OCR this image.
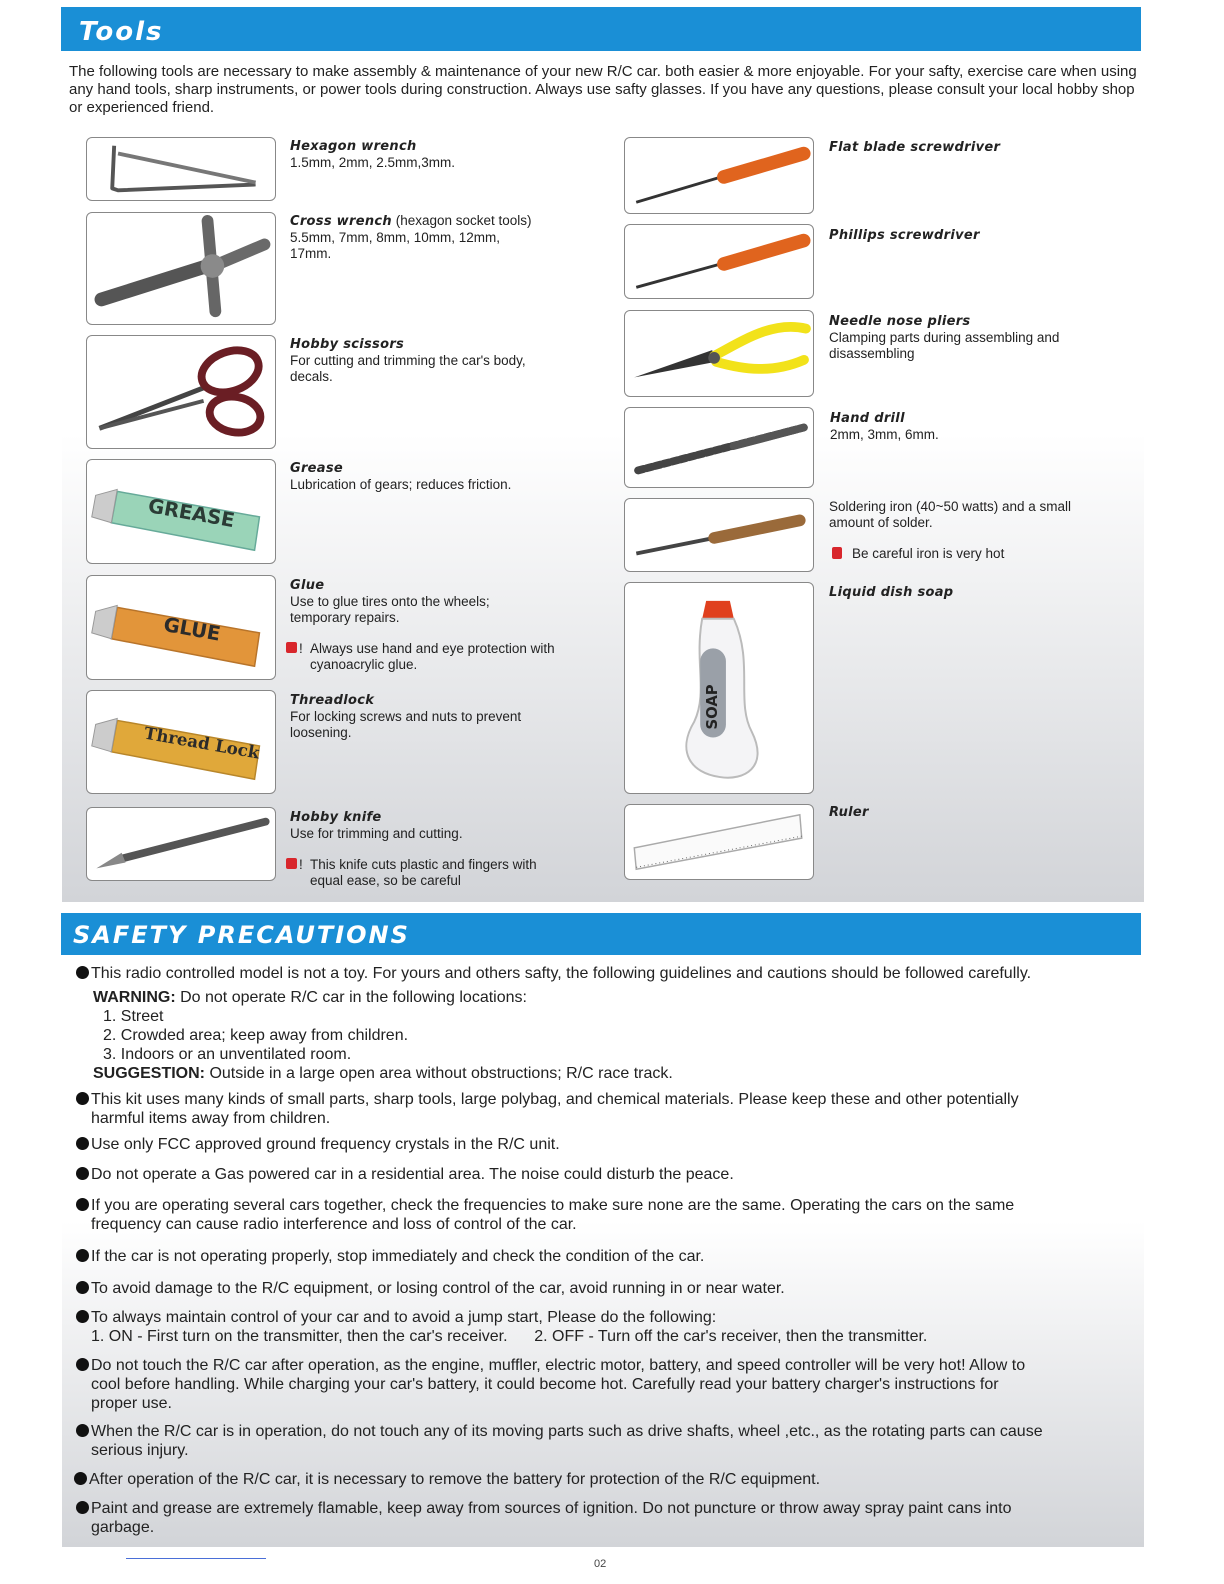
Tools
The following tools are necessary to make assembly & maintenance of your new R/C car. both easier & more enjoyable. For your safty, exercise care when using any hand tools, sharp instruments, or power tools during construction. Always use safty glasses. If you have any questions, please consult your local hobby shop or experienced friend.
GREASE
GLUE
Thread Lock
Hexagon wrench
1.5mm, 2mm, 2.5mm,3mm.
Cross wrench (hexagon socket tools)
5.5mm, 7mm, 8mm, 10mm, 12mm, 17mm.
Hobby scissors
For cutting and trimming the car's body, decals.
Grease
Lubrication of gears; reduces friction.
Glue
Use to glue tires onto the wheels; temporary repairs.
! Always use hand and eye protection with cyanoacrylic glue.
Threadlock
For locking screws and nuts to prevent loosening.
Hobby knife
Use for trimming and cutting.
! This knife cuts plastic and fingers with equal ease, so be careful
SOAP
Flat blade screwdriver
Phillips screwdriver
Needle nose pliers
Clamping parts during assembling and disassembling
Hand drill
2mm, 3mm, 6mm.
Soldering iron (40~50 watts) and a small amount of solder.
Be careful iron is very hot
Liquid dish soap
Ruler
SAFETY PRECAUTIONS
This radio controlled model is not a toy. For yours and others safty, the following guidelines and cautions should be followed carefully.
WARNING: Do not operate R/C car in the following locations:
1. Street
2. Crowded area; keep away from children.
3. Indoors or an unventilated room.
SUGGESTION: Outside in a large open area without obstructions; R/C race track.
This kit uses many kinds of small parts, sharp tools, large polybag, and chemical materials. Please keep these and other potentially
harmful items away from children.
Use only FCC approved ground frequency crystals in the R/C unit.
Do not operate a Gas powered car in a residential area. The noise could disturb the peace.
If you are operating several cars together, check the frequencies to make sure none are the same. Operating the cars on the same
frequency can cause radio interference and loss of control of the car.
If the car is not operating properly, stop immediately and check the condition of the car.
To avoid damage to the R/C equipment, or losing control of the car, avoid running in or near water.
To always maintain control of your car and to avoid a jump start, Please do the following:
1. ON - First turn on the transmitter, then the car's receiver.      2. OFF - Turn off the car's receiver, then the transmitter.
Do not touch the R/C car after operation, as the engine, muffler, electric motor, battery, and speed controller will be very hot! Allow to
cool before handling. While charging your car's battery, it could become hot. Carefully read your battery charger's instructions for
proper use.
When the R/C car is in operation, do not touch any of its moving parts such as drive shafts, wheel ,etc., as the rotating parts can cause
serious injury.
After operation of the R/C car, it is necessary to remove the battery for protection of the R/C equipment.
Paint and grease are extremely flamable, keep away from sources of ignition. Do not puncture or throw away spray paint cans into
garbage.
02
